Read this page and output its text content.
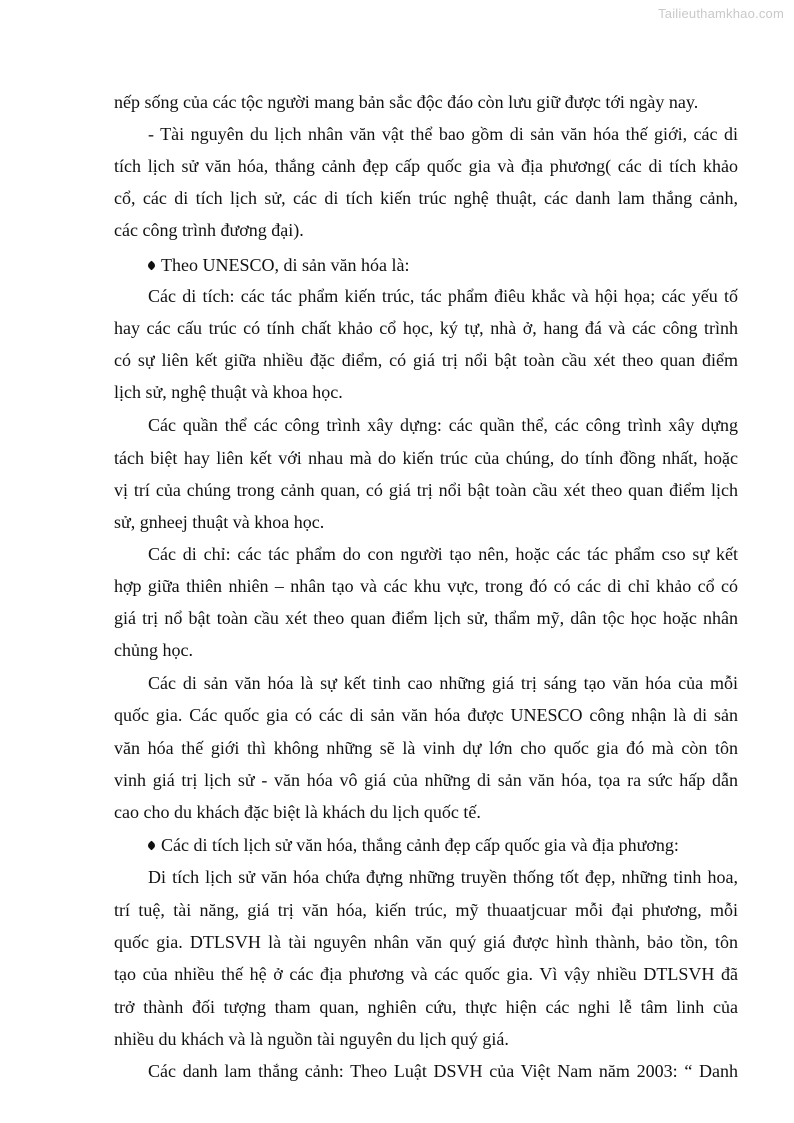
Tailieuthamkhao.com
nếp sống của các tộc người mang bản sắc độc đáo còn lưu giữ được tới ngày nay.
- Tài nguyên du lịch nhân văn vật thể bao gồm di sản văn hóa thế giới, các di
tích lịch sử văn hóa, thắng cảnh đẹp cấp quốc gia và địa phương( các di tích khảo
cổ, các di tích lịch sử, các di tích kiến trúc nghệ thuật, các danh lam thắng cảnh,
các công trình đương đại).
Theo UNESCO, di sản văn hóa là:
Các di tích: các tác phẩm kiến trúc, tác phẩm điêu khắc và hội họa; các yếu tố
hay các cấu trúc có tính chất khảo cổ học, ký tự, nhà ở, hang đá và các công trình
có sự liên kết giữa nhiều đặc điểm, có giá trị nổi bật toàn cầu xét theo quan điểm
lịch sử, nghệ thuật và khoa học.
Các quần thể các công trình xây dựng: các quần thể, các công trình xây dựng
tách biệt hay liên kết với nhau mà do kiến trúc của chúng, do tính đồng nhất, hoặc
vị trí của chúng trong cảnh quan, có giá trị nổi bật toàn cầu xét theo quan điểm lịch
sử, gnheej thuật và khoa học.
Các di chỉ: các tác phẩm do con người tạo nên, hoặc các tác phẩm cso sự kết
hợp giữa thiên nhiên – nhân tạo và các khu vực, trong đó có các di chỉ khảo cổ có
giá trị nổ bật toàn cầu xét theo quan điểm lịch sử, thẩm mỹ, dân tộc học hoặc nhân
chủng học.
Các di sản văn hóa là sự kết tinh cao những giá trị sáng tạo văn hóa của mỗi
quốc gia. Các quốc gia có các di sản văn hóa được UNESCO công nhận là di sản
văn hóa thế giới thì không những sẽ là vinh dự lớn cho quốc gia đó mà còn tôn
vinh giá trị lịch sử - văn hóa vô giá của những di sản văn hóa, tọa ra sức hấp dẫn
cao cho du khách đặc biệt là khách du lịch quốc tế.
Các di tích lịch sử văn hóa, thắng cảnh đẹp cấp quốc gia và địa phương:
Di tích lịch sử văn hóa chứa đựng những truyền thống tốt đẹp, những tinh hoa,
trí tuệ, tài năng, giá trị văn hóa, kiến trúc, mỹ thuaatjcuar mỗi đại phương, mỗi
quốc gia. DTLSVH là tài nguyên nhân văn quý giá được hình thành, bảo tồn, tôn
tạo của nhiều thế hệ ở các địa phương và các quốc gia. Vì vậy nhiều DTLSVH đã
trở thành đối tượng tham quan, nghiên cứu, thực hiện các nghi lễ tâm linh của
nhiều du khách và là nguồn tài nguyên du lịch quý giá.
Các danh lam thắng cảnh: Theo Luật DSVH của Việt Nam năm 2003: “ Danh
